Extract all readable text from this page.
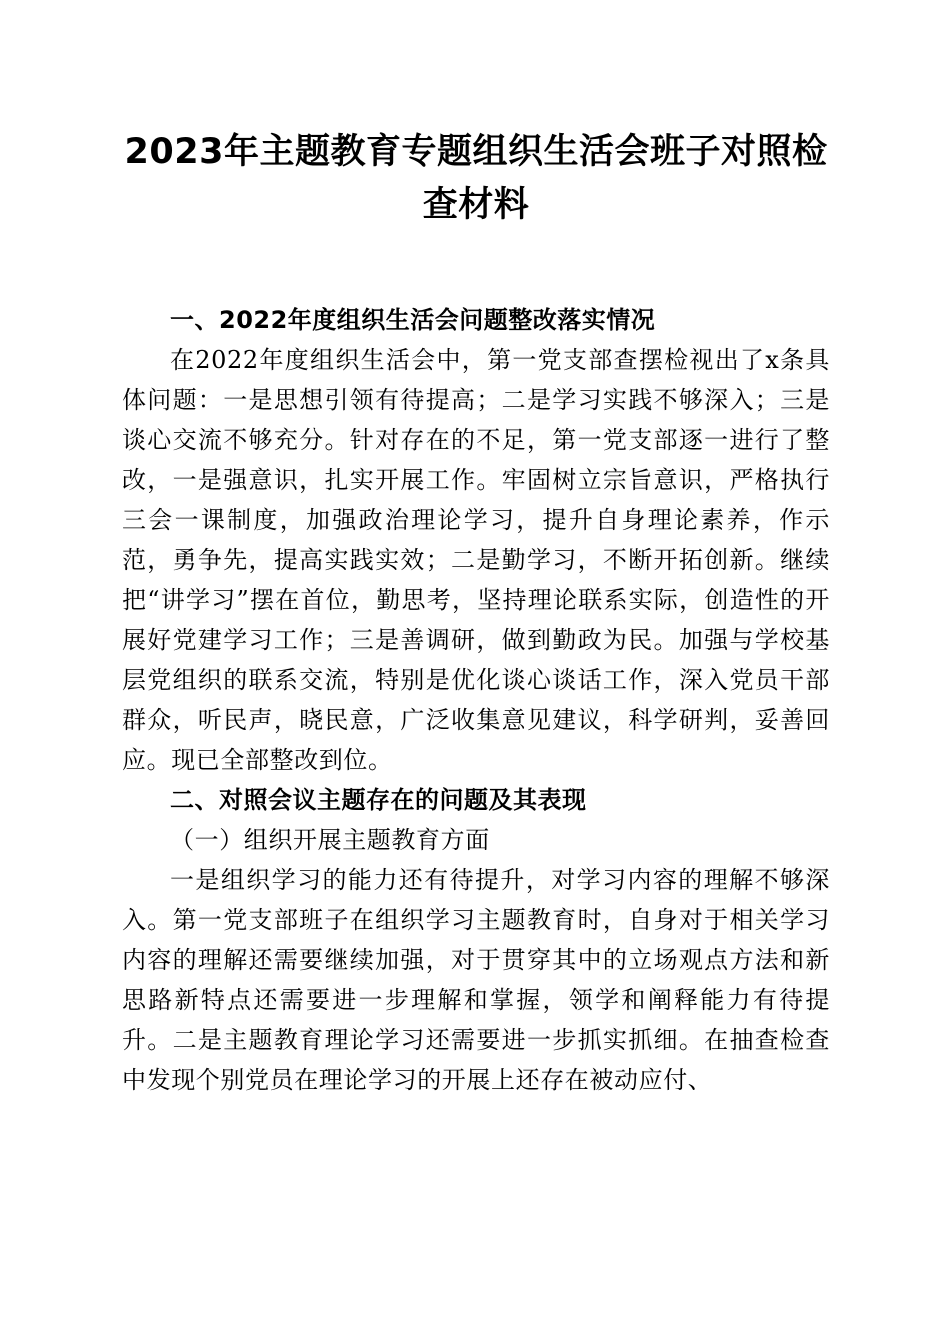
2023年主题教育专题组织生活会班子对照检查材料
一、2022年度组织生活会问题整改落实情况

在2022年度组织生活会中，第一党支部查摆检视出了x条具体问题：一是思想引领有待提高；二是学习实践不够深入；三是谈心交流不够充分。针对存在的不足，第一党支部逐一进行了整改，一是强意识，扎实开展工作。牢固树立宗旨意识，严格执行三会一课制度，加强政治理论学习，提升自身理论素养，作示范，勇争先，提高实践实效；二是勤学习，不断开拓创新。继续把“讲学习”摆在首位，勤思考，坚持理论联系实际，创造性的开展好党建学习工作；三是善调研，做到勤政为民。加强与学校基层党组织的联系交流，特别是优化谈心谈话工作，深入党员干部群众，听民声，晓民意，广泛收集意见建议，科学研判，妥善回应。现已全部整改到位。

二、对照会议主题存在的问题及其表现
（一）组织开展主题教育方面

一是组织学习的能力还有待提升，对学习内容的理解不够深入。第一党支部班子在组织学习主题教育时，自身对于相关学习内容的理解还需要继续加强，对于贯穿其中的立场观点方法和新思路新特点还需要进一步理解和掌握，领学和阐释能力有待提升。二是主题教育理论学习还需要进一步抓实抓细。在抽查检查中发现个别党员在理论学习的开展上还存在被动应付、
